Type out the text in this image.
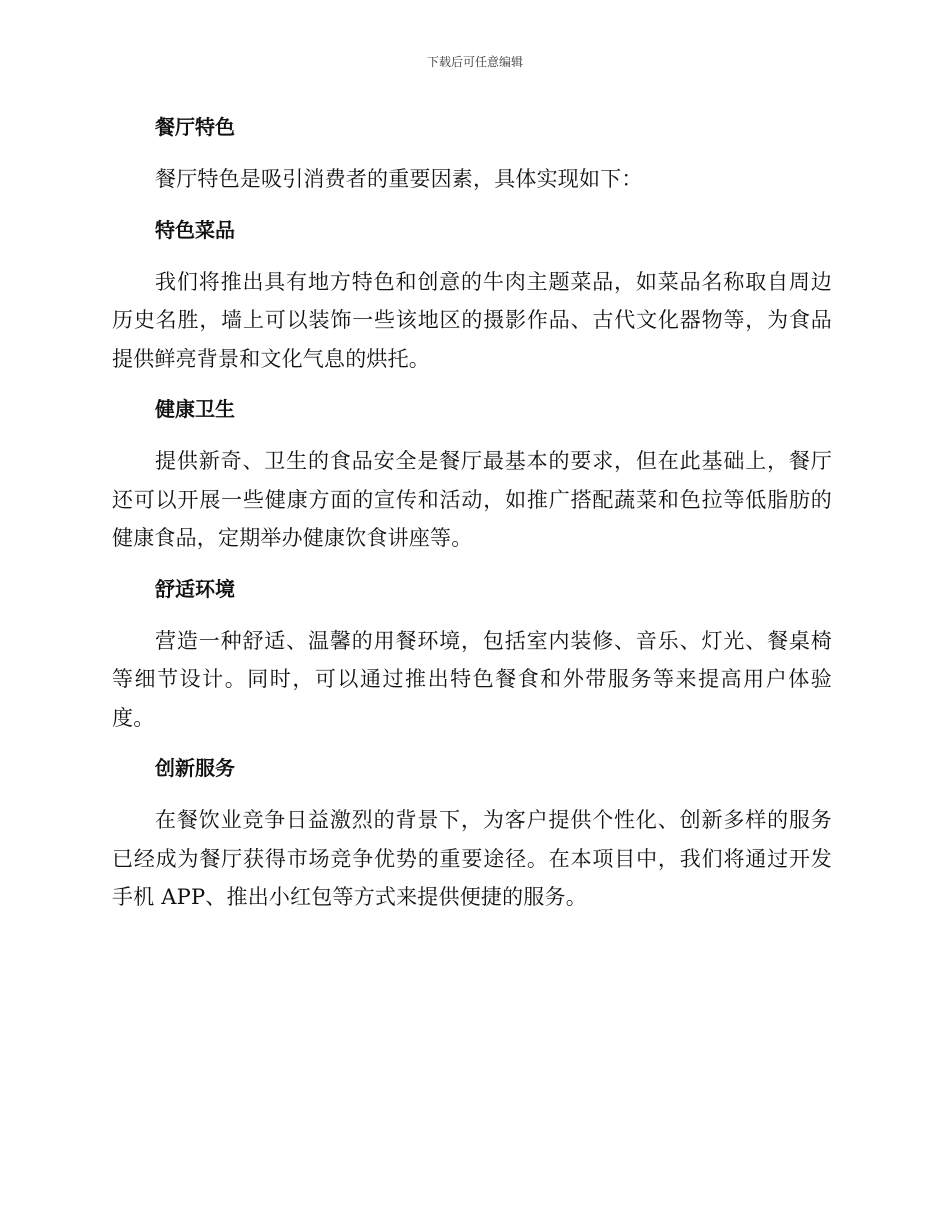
下载后可任意编辑
餐厅特色
餐厅特色是吸引消费者的重要因素，具体实现如下：
特色菜品
我们将推出具有地方特色和创意的牛肉主题菜品，如菜品名称取自周边历史名胜，墙上可以装饰一些该地区的摄影作品、古代文化器物等，为食品提供鲜亮背景和文化气息的烘托。
健康卫生
提供新奇、卫生的食品安全是餐厅最基本的要求，但在此基础上，餐厅还可以开展一些健康方面的宣传和活动，如推广搭配蔬菜和色拉等低脂肪的健康食品，定期举办健康饮食讲座等。
舒适环境
营造一种舒适、温馨的用餐环境，包括室内装修、音乐、灯光、餐桌椅等细节设计。同时，可以通过推出特色餐食和外带服务等来提高用户体验度。
创新服务
在餐饮业竞争日益激烈的背景下，为客户提供个性化、创新多样的服务已经成为餐厅获得市场竞争优势的重要途径。在本项目中，我们将通过开发手机 APP、推出小红包等方式来提供便捷的服务。
